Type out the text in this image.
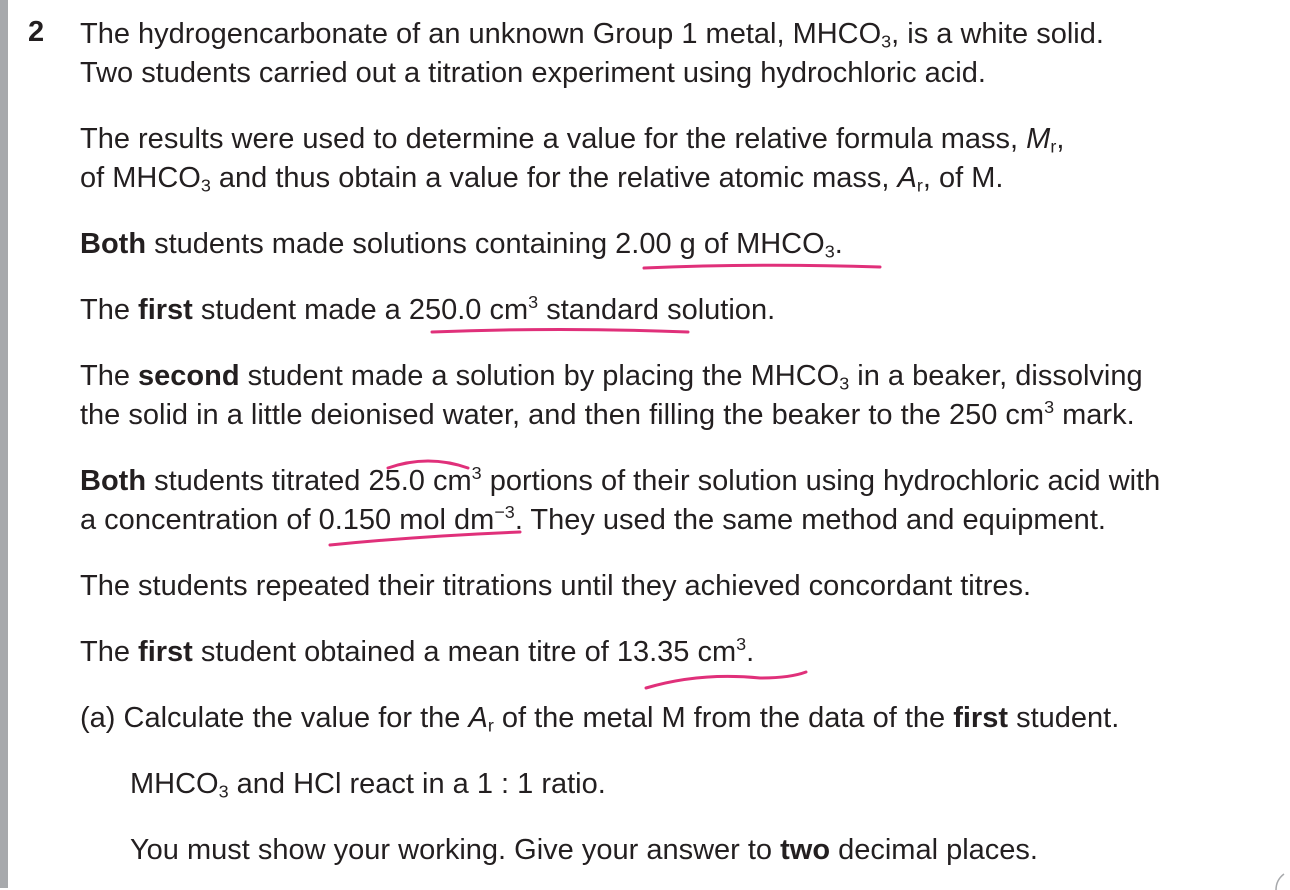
2 The hydrogencarbonate of an unknown Group 1 metal, $MHCO_3$, is a white solid.
Two students carried out a titration experiment using hydrochloric acid.
The results were used to determine a value for the relative formula mass, $M_r$,
of $MHCO_3$ and thus obtain a value for the relative atomic mass, $A_r$, of M.
Both students made solutions containing 2.00 g of $MHCO_3$.
The first student made a 250.0 $cm^3$ standard solution.
The second student made a solution by placing the $MHCO_3$ in a beaker, dissolving
the solid in a little deionised water, and then filling the beaker to the 250 $cm^3$ mark.
Both students titrated 25.0 $cm^3$ portions of their solution using hydrochloric acid with
a concentration of 0.150 mol $dm^{-3}$. They used the same method and equipment.
The students repeated their titrations until they achieved concordant titres.
The first student obtained a mean titre of 13.35 $cm^3$.
(a) Calculate the value for the $A_r$ of the metal M from the data of the first student.
$MHCO_3$ and HCl react in a 1 : 1 ratio.
You must show your working. Give your answer to two decimal places.
